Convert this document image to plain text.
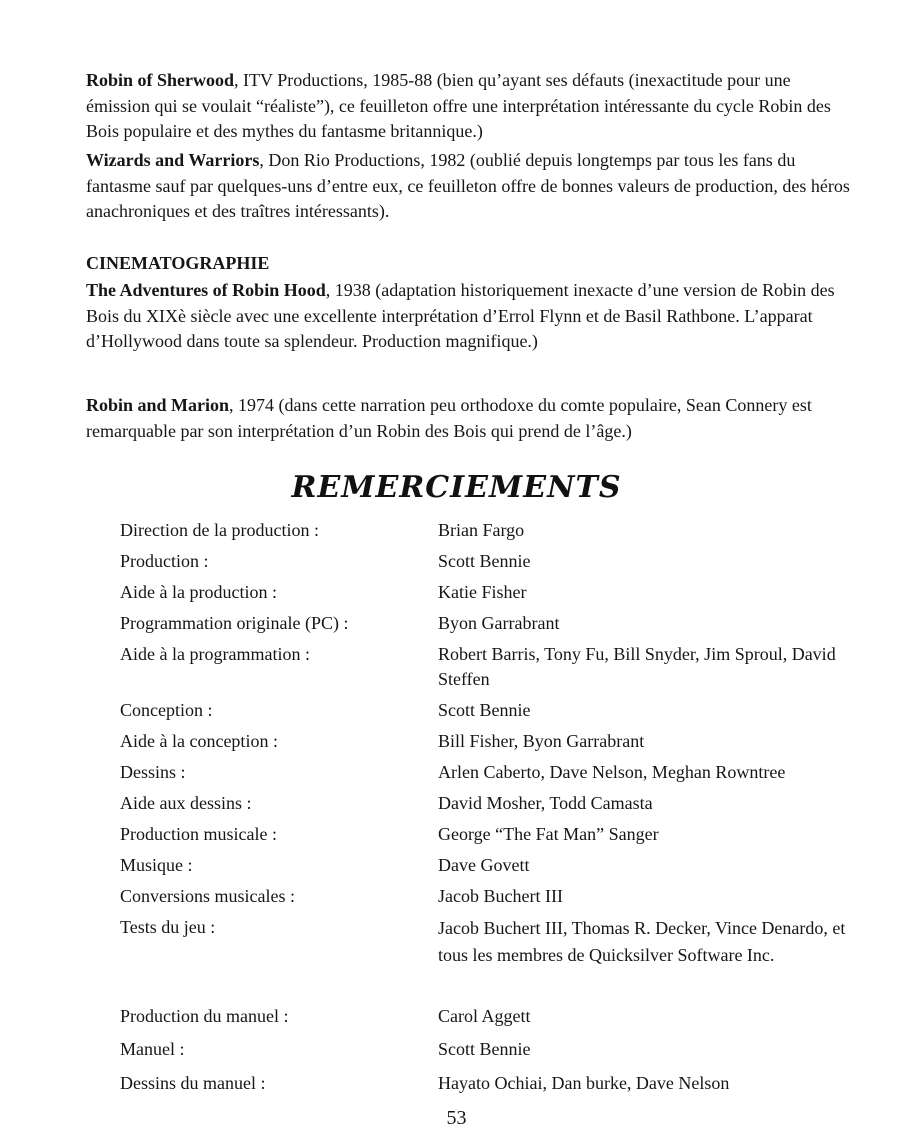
Robin of Sherwood, ITV Productions, 1985-88 (bien qu’ayant ses défauts (inexactitude pour une émission qui se voulait “réaliste”), ce feuilleton offre une interprétation intéressante du cycle Robin des Bois populaire et des mythes du fantasme britannique.)

Wizards and Warriors, Don Rio Productions, 1982 (oublié depuis longtemps par tous les fans du fantasme sauf par quelques-uns d’entre eux, ce feuilleton offre de bonnes valeurs de production, des héros anachroniques et des traîtres intéressants).

CINEMATOGRAPHIE

The Adventures of Robin Hood, 1938 (adaptation historiquement inexacte d’une version de Robin des Bois du XIXè siècle avec une excellente interprétation d’Errol Flynn et de Basil Rathbone. L’apparat d’Hollywood dans toute sa splendeur. Production magnifique.)

Robin and Marion, 1974 (dans cette narration peu orthodoxe du comte populaire, Sean Connery est remarquable par son interprétation d’un Robin des Bois qui prend de l’âge.)

REMERCIEMENTS
Direction de la production :	Brian Fargo
Production :	Scott Bennie
Aide à la production :	Katie Fisher
Programmation originale (PC) :	Byon Garrabrant
Aide à la programmation :	Robert Barris, Tony Fu, Bill Snyder, Jim Sproul, David Steffen
Conception :	Scott Bennie
Aide à la conception :	Bill Fisher, Byon Garrabrant
Dessins :	Arlen Caberto, Dave Nelson, Meghan Rowntree
Aide aux dessins :	David Mosher, Todd Camasta
Production musicale :	George “The Fat Man” Sanger
Musique :	Dave Govett
Conversions musicales :	Jacob Buchert III
Tests du jeu :	Jacob Buchert III, Thomas R. Decker, Vince Denardo, et tous les membres de Quicksilver Software Inc.
Production du manuel :	Carol Aggett
Manuel :	Scott Bennie
Dessins du manuel :	Hayato Ochiai, Dan burke, Dave Nelson
53
